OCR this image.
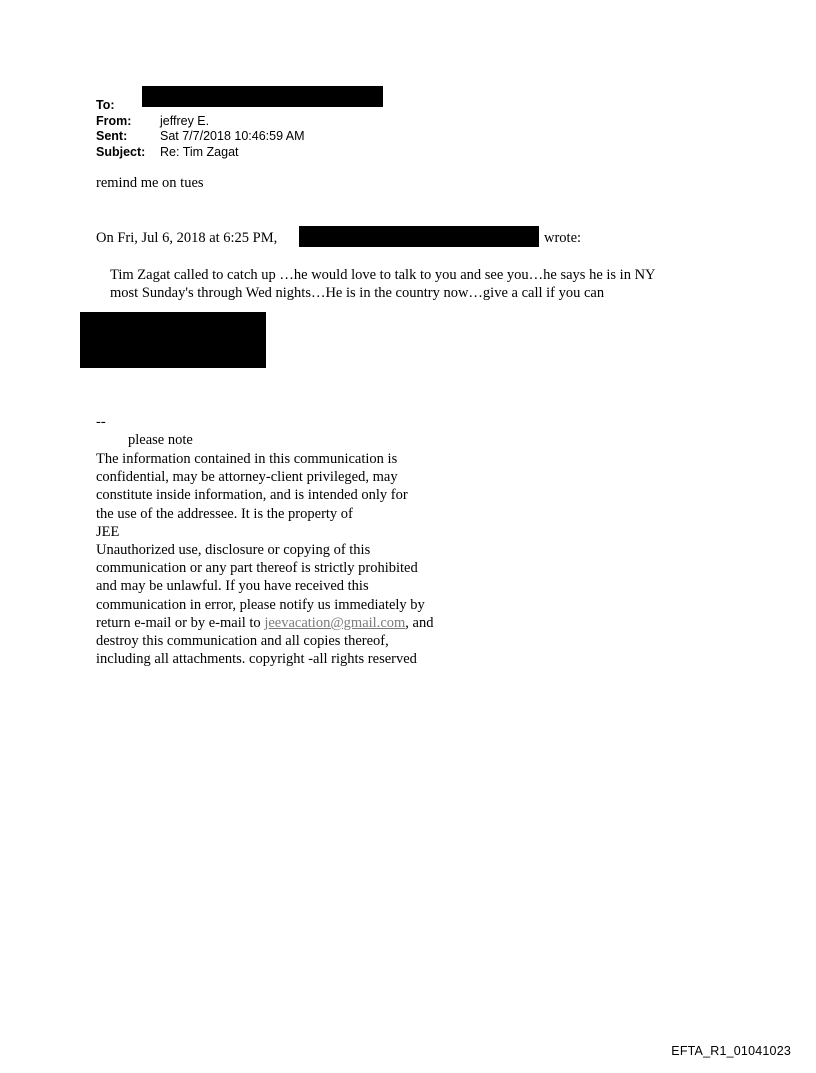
To:
From:	jeffrey E.
Sent:	Sat 7/7/2018 10:46:59 AM
Subject:	Re: Tim Zagat
remind me on tues
On Fri, Jul 6, 2018 at 6:25 PM,	wrote:
Tim Zagat called to catch up …he would love to talk to you and see you…he says he is in NY
most Sunday's through Wed nights…He is in the country now…give a call if you can
--
please note
The information contained in this communication is
confidential, may be attorney-client privileged, may
constitute inside information, and is intended only for
the use of the addressee. It is the property of
JEE
Unauthorized use, disclosure or copying of this
communication or any part thereof is strictly prohibited
and may be unlawful. If you have received this
communication in error, please notify us immediately by
return e-mail or by e-mail to jeevacation@gmail.com, and
destroy this communication and all copies thereof,
including all attachments. copyright -all rights reserved
EFTA_R1_01041023
